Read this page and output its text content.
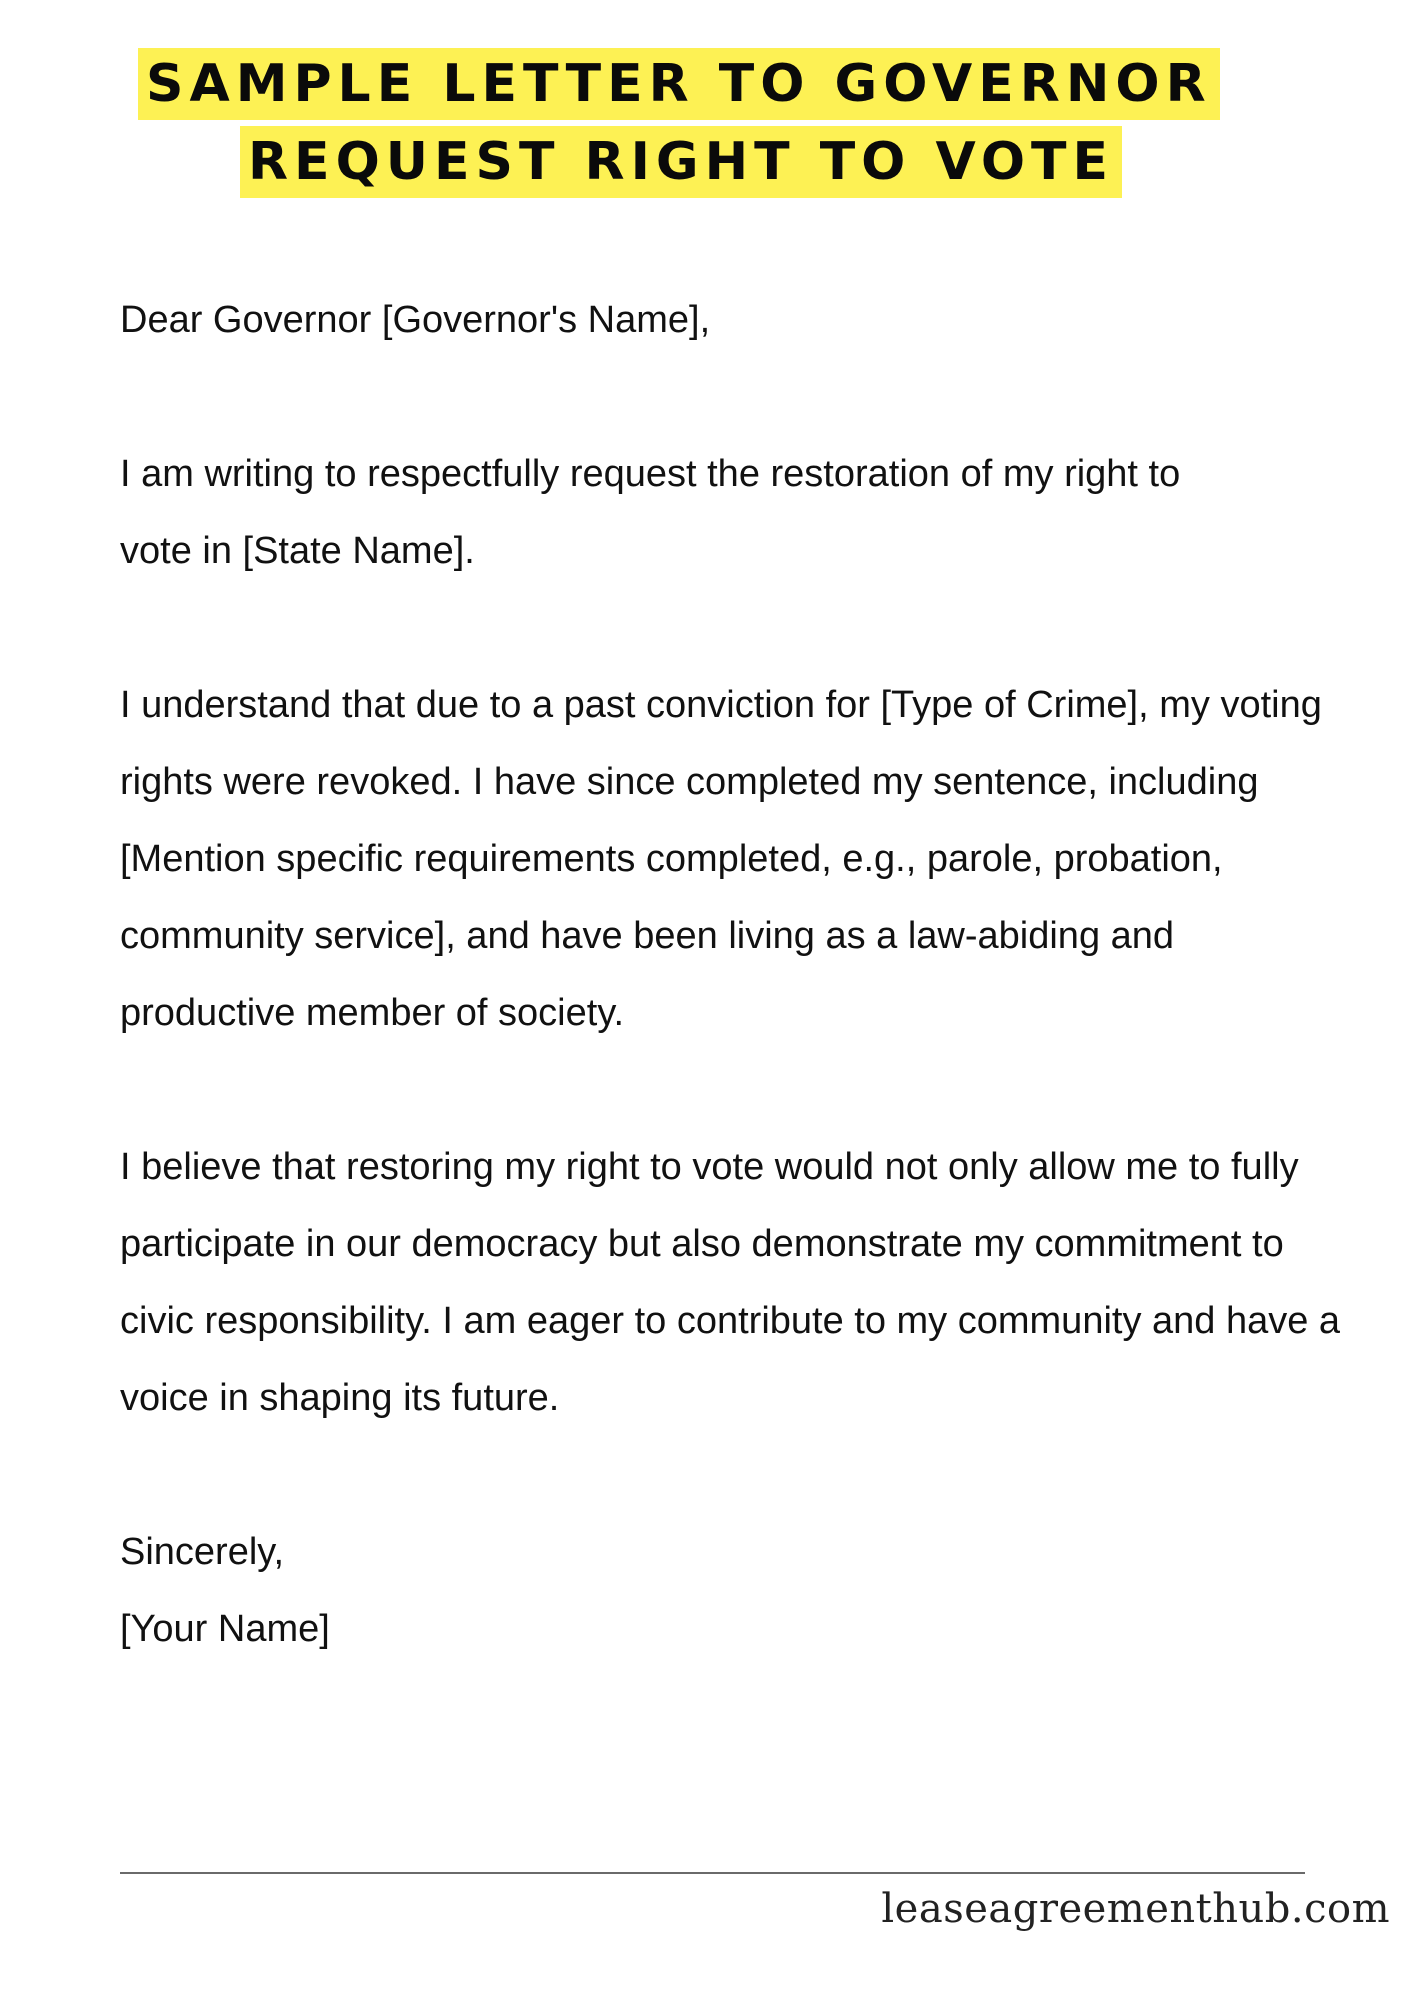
SAMPLE LETTER TO GOVERNOR
REQUEST RIGHT TO VOTE

Dear Governor [Governor's Name],

I am writing to respectfully request the restoration of my right to vote in [State Name].

I understand that due to a past conviction for [Type of Crime], my voting rights were revoked. I have since completed my sentence, including [Mention specific requirements completed, e.g., parole, probation, community service], and have been living as a law-abiding and productive member of society.

I believe that restoring my right to vote would not only allow me to fully participate in our democracy but also demonstrate my commitment to civic responsibility. I am eager to contribute to my community and have a voice in shaping its future.

Sincerely,

[Your Name]

leaseagreementhub.com
